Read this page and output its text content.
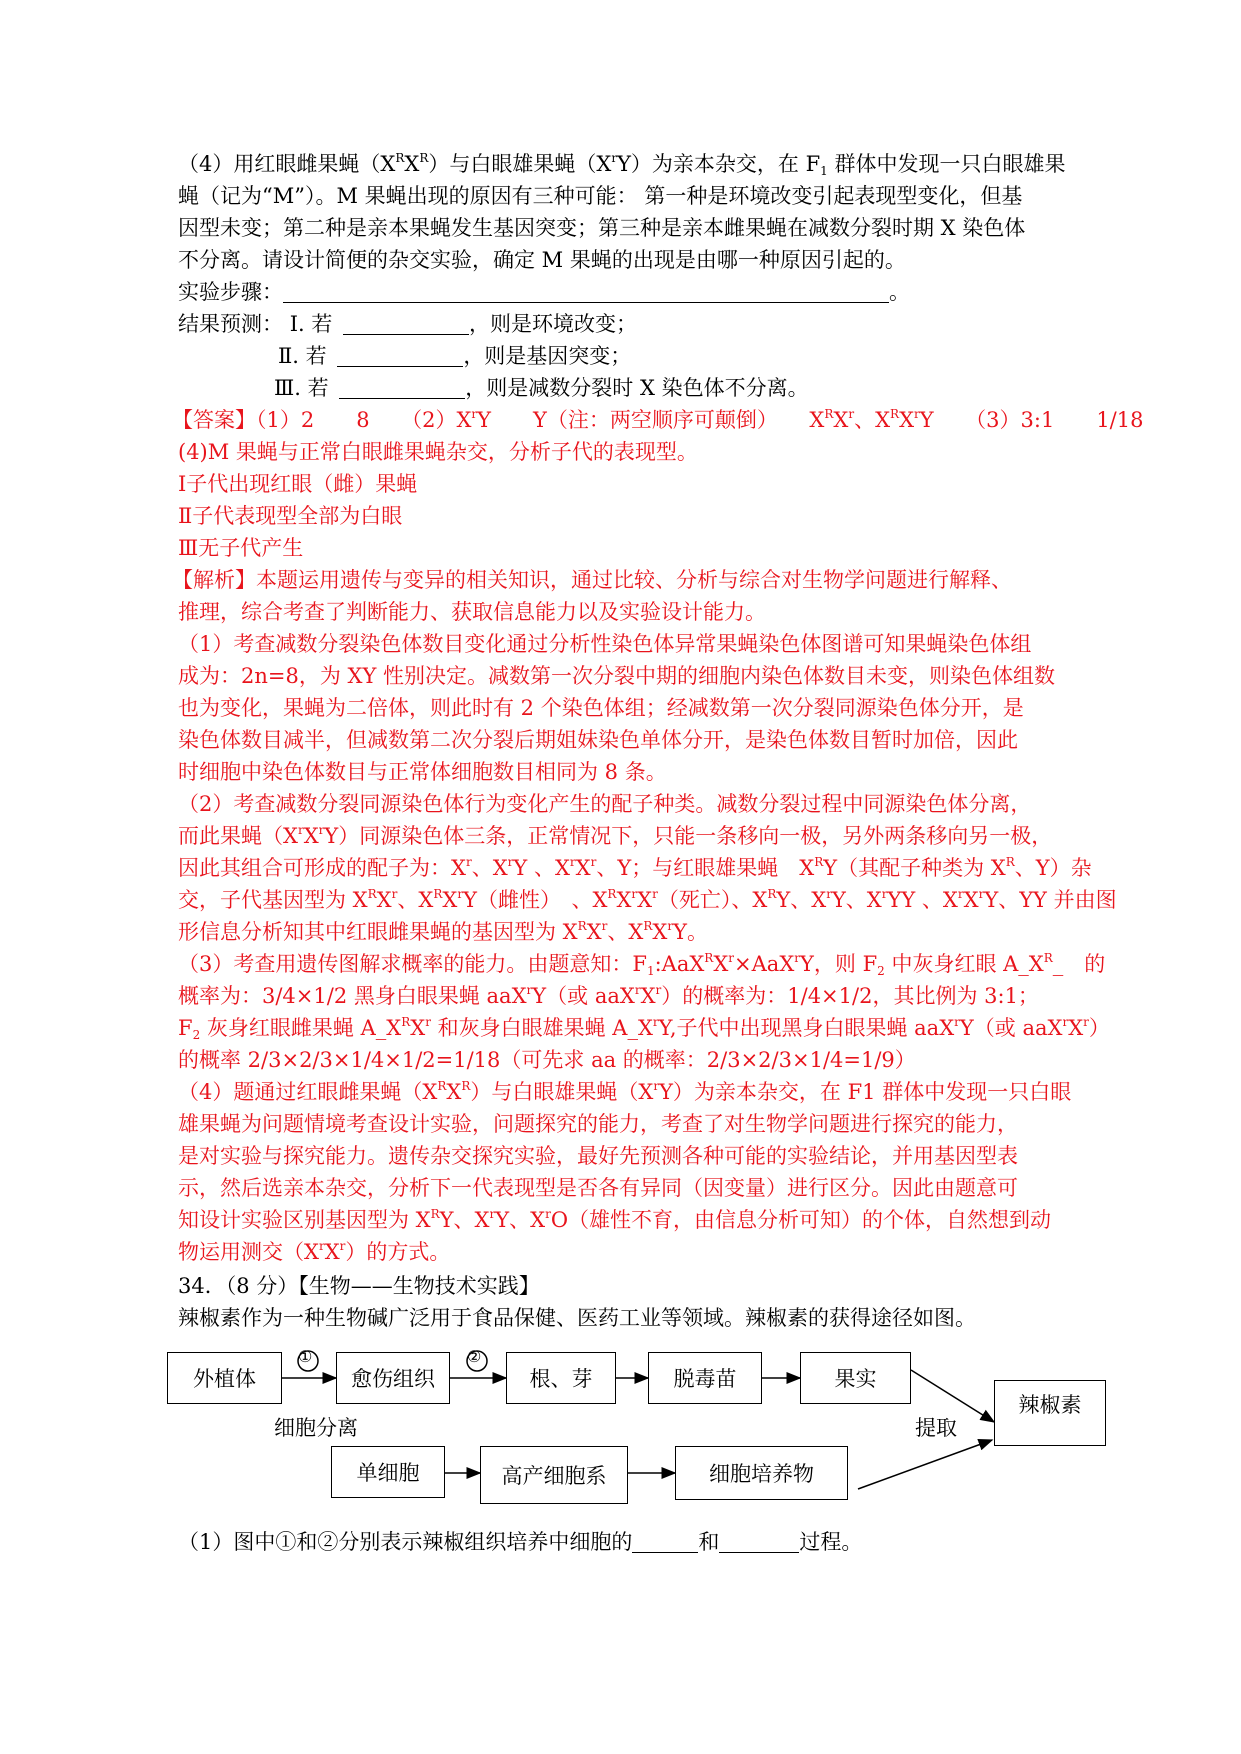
（4）用红眼雌果蝇$(X^RX^R)$与白眼雄果蝇$(X^rY)$为亲本杂交，在 $F_1$ 群体中发现一只白眼雄果
蝇（记为“M”）。M 果蝇出现的原因有三种可能： 第一种是环境改变引起表现型变化，但基
因型未变；第二种是亲本果蝇发生基因突变；第三种是亲本雌果蝇在减数分裂时期 X 染色体
不分离。请设计简便的杂交实验，确定 M 果蝇的出现是由哪一种原因引起的。
实验步骤：	。
结果预测： Ⅰ. 若	，则是环境改变；
Ⅱ. 若	，则是基因突变；
Ⅲ. 若	，则是减数分裂时 X 染色体不分离。
【答案】（1）2　　8　　$(2)X^rY$　　Y（注：两空顺序可颠倒）　　$X^RX^r$、$X^RX^rY$　　（3）3:1　　1/18
(4)M 果蝇与正常白眼雌果蝇杂交，分析子代的表现型。
Ⅰ子代出现红眼（雌）果蝇
Ⅱ子代表现型全部为白眼
Ⅲ无子代产生
【解析】本题运用遗传与变异的相关知识，通过比较、分析与综合对生物学问题进行解释、
推理，综合考查了判断能力、获取信息能力以及实验设计能力。
（1）考查减数分裂染色体数目变化通过分析性染色体异常果蝇染色体图谱可知果蝇染色体组
成为：2n=8，为 XY 性别决定。减数第一次分裂中期的细胞内染色体数目未变，则染色体组数
也为变化，果蝇为二倍体，则此时有 2 个染色体组；经减数第一次分裂同源染色体分开，是
染色体数目减半，但减数第二次分裂后期姐妹染色单体分开，是染色体数目暂时加倍，因此
时细胞中染色体数目与正常体细胞数目相同为 8 条。
（2）考查减数分裂同源染色体行为变化产生的配子种类。减数分裂过程中同源染色体分离，
而此果蝇$(X^rX^rY)$同源染色体三条，正常情况下，只能一条移向一极，另外两条移向另一极，
因此其组合可形成的配子为：$X^r$、$X^rY$ 、$X^rX^r$、Y；与红眼雄果蝇　$X^RY$（其配子种类为 $X^R$、Y）杂
交，子代基因型为 $X^RX^r$、$X^RX^rY$（雌性）　、$X^RX^rX^r$（死亡）、$X^RY$、$X^rY$、$X^rYY$ 、$X^rX^rY$、YY 并由图
形信息分析知其中红眼雌果蝇的基因型为 $X^RX^r$、$X^RX^rY$。
（3）考查用遗传图解求概率的能力。由题意知：$F_1:AaX^RX^r\times AaX^rY$，则 $F_2$ 中灰身红眼 $A\_X^R\_$　的
概率为：3/4×1/2 黑身白眼果蝇 aaX$^r$Y（或 $aaX^rX^r$）的概率为：1/4×1/2，其比例为 3:1；
$F_2$ 灰身红眼雌果蝇 $A\_X^RX^r$ 和灰身白眼雄果蝇 $A\_X^rY$,子代中出现黑身白眼果蝇 aaX$^r$Y（或 $aaX^rX^r$）
的概率 2/3×2/3×1/4×1/2=1/18（可先求 aa 的概率：2/3×2/3×1/4=1/9）
（4）题通过红眼雌果蝇$(X^RX^R)$与白眼雄果蝇$(X^rY)$为亲本杂交，在 F1 群体中发现一只白眼
雄果蝇为问题情境考查设计实验，问题探究的能力，考查了对生物学问题进行探究的能力，
是对实验与探究能力。遗传杂交探究实验，最好先预测各种可能的实验结论，并用基因型表
示，然后选亲本杂交，分析下一代表现型是否各有异同（因变量）进行区分。因此由题意可
知设计实验区别基因型为 $X^RY$、$X^rY$、$X^rO$（雄性不育，由信息分析可知）的个体，自然想到动
物运用测交$(X^rX^r)$的方式。
34．（8 分）【生物——生物技术实践】
辣椒素作为一种生物碱广泛用于食品保健、医药工业等领域。辣椒素的获得途径如图。
（1）图中①和②分别表示辣椒组织培养中细胞的	和	过程。
①	②
外植体	愈伤组织	根、芽	脱毒苗	果实
辣椒素
单细胞	高产细胞系	细胞培养物
细胞分离	提取
